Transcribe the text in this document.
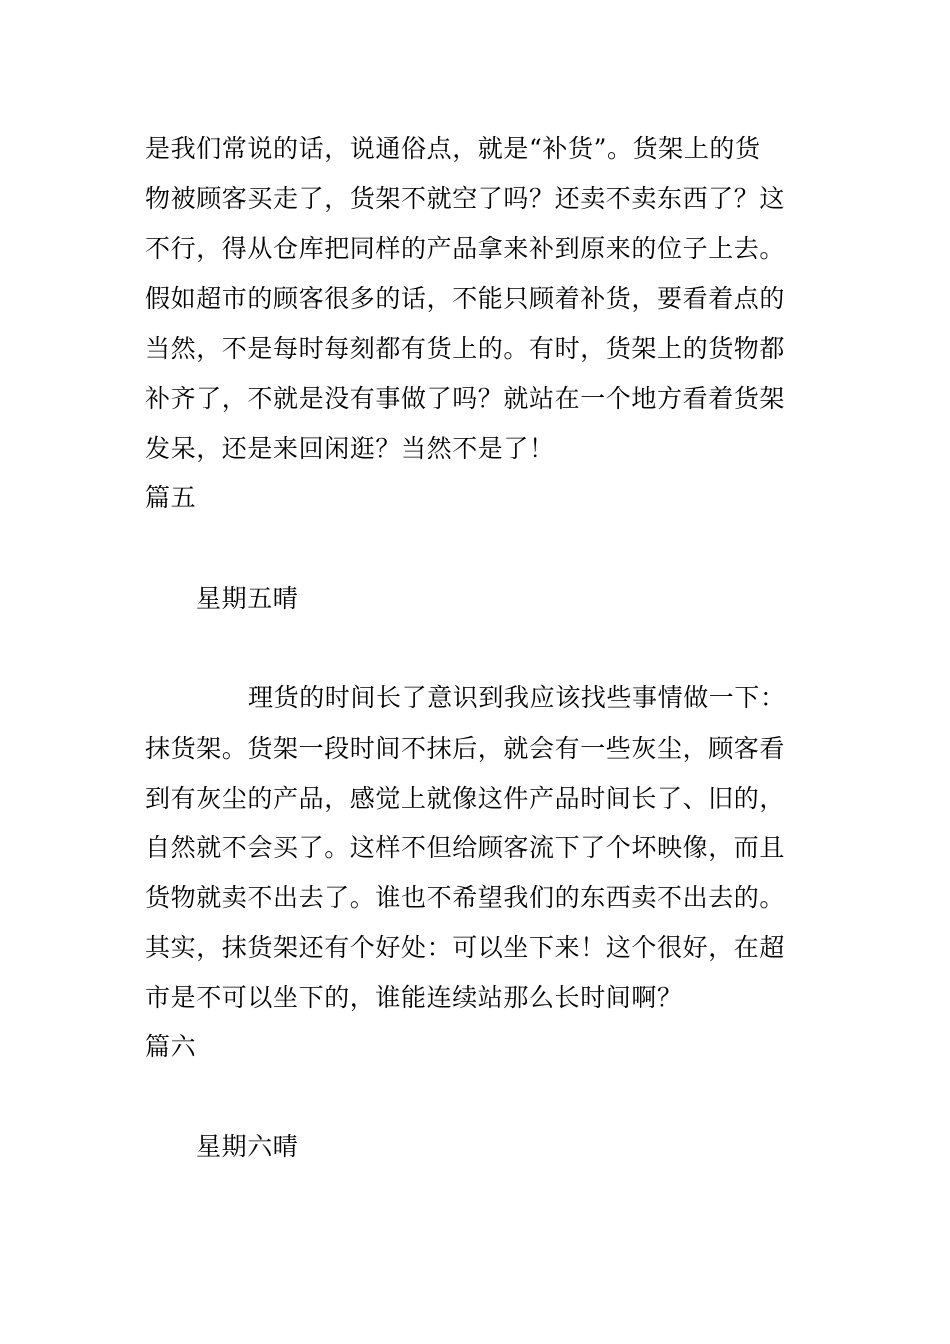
是我们常说的话，说通俗点，就是“补货”。货架上的货
物被顾客买走了，货架不就空了吗？还卖不卖东西了？这
不行，得从仓库把同样的产品拿来补到原来的位子上去。
假如超市的顾客很多的话，不能只顾着补货，要看着点的
当然，不是每时每刻都有货上的。有时，货架上的货物都
补齐了，不就是没有事做了吗？就站在一个地方看着货架
发呆，还是来回闲逛？当然不是了！
篇五
星期五晴
理货的时间长了意识到我应该找些事情做一下：
抹货架。货架一段时间不抹后，就会有一些灰尘，顾客看
到有灰尘的产品，感觉上就像这件产品时间长了、旧的，
自然就不会买了。这样不但给顾客流下了个坏映像，而且
货物就卖不出去了。谁也不希望我们的东西卖不出去的。
其实，抹货架还有个好处：可以坐下来！这个很好，在超
市是不可以坐下的，谁能连续站那么长时间啊？
篇六
星期六晴
